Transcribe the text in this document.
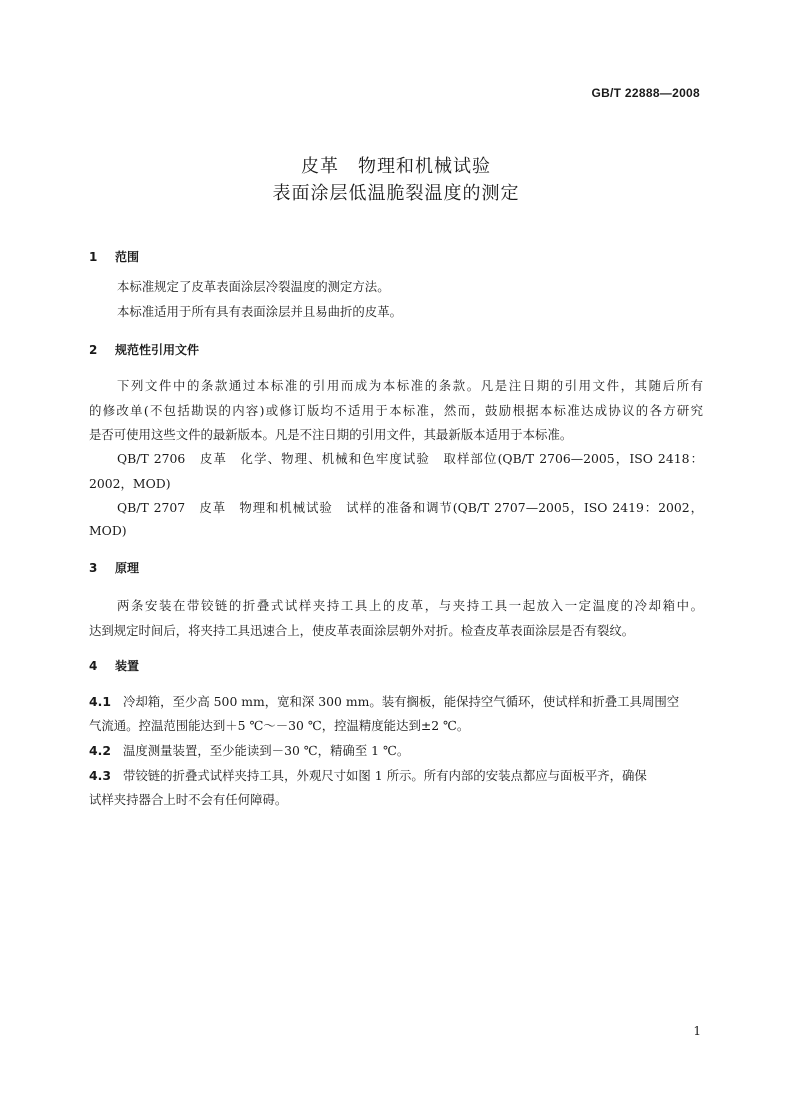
GB/T 22888—2008
皮革　物理和机械试验
表面涂层低温脆裂温度的测定
1 范围
本标准规定了皮革表面涂层冷裂温度的测定方法。
本标准适用于所有具有表面涂层并且易曲折的皮革。
2 规范性引用文件
下列文件中的条款通过本标准的引用而成为本标准的条款。凡是注日期的引用文件，其随后所有
的修改单(不包括勘误的内容)或修订版均不适用于本标准，然而，鼓励根据本标准达成协议的各方研究
是否可使用这些文件的最新版本。凡是不注日期的引用文件，其最新版本适用于本标准。
QB/T 2706　皮革　化学、物理、机械和色牢度试验　取样部位(QB/T 2706—2005，ISO 2418：
2002，MOD)
QB/T 2707　皮革　物理和机械试验　试样的准备和调节(QB/T 2707—2005，ISO 2419：2002，
MOD)
3 原理
两条安装在带铰链的折叠式试样夹持工具上的皮革，与夹持工具一起放入一定温度的冷却箱中。
达到规定时间后，将夹持工具迅速合上，使皮革表面涂层朝外对折。检查皮革表面涂层是否有裂纹。
4 装置
4.1 冷却箱，至少高 500 mm，宽和深 300 mm。装有搁板，能保持空气循环，使试样和折叠工具周围空
气流通。控温范围能达到＋5 ℃～－30 ℃，控温精度能达到±2 ℃。
4.2 温度测量装置，至少能读到－30 ℃，精确至 1 ℃。
4.3 带铰链的折叠式试样夹持工具，外观尺寸如图 1 所示。所有内部的安装点都应与面板平齐，确保
试样夹持器合上时不会有任何障碍。
1
